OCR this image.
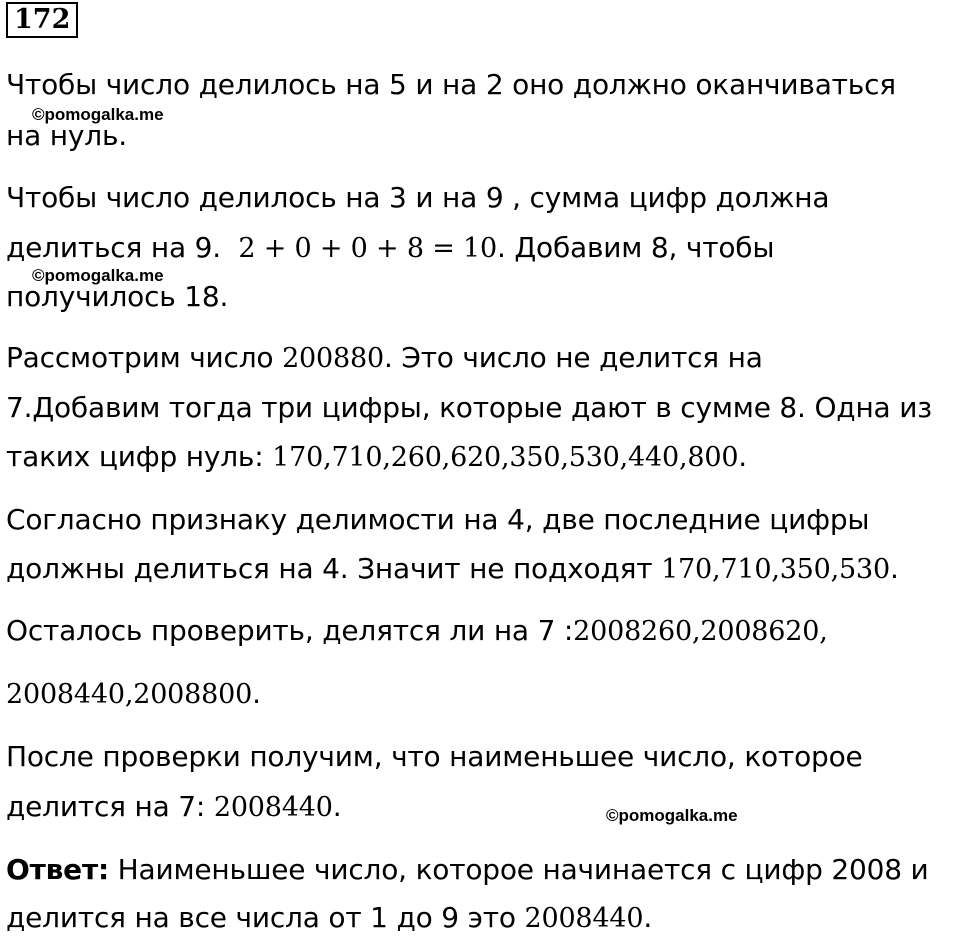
172
Чтобы число делилось на 5 и на 2 оно должно оканчиваться
на нуль.
©pomogalka.me
Чтобы число делилось на 3 и на 9 , сумма цифр должна
делиться на 9. 2 + 0 + 0 + 8 = 10. Добавим 8, чтобы
получилось 18.
©pomogalka.me
Рассмотрим число 200880. Это число не делится на
7.Добавим тогда три цифры, которые дают в сумме 8. Одна из
таких цифр нуль: 170,710,260,620,350,530,440,800.
Согласно признаку делимости на 4, две последние цифры
должны делиться на 4. Значит не подходят 170,710,350,530.
Осталось проверить, делятся ли на 7 :2008260,2008620,
2008440,2008800.
После проверки получим, что наименьшее число, которое
делится на 7: 2008440.	©pomogalka.me
Ответ: Наименьшее число, которое начинается с цифр 2008 и
делится на все числа от 1 до 9 это 2008440.
